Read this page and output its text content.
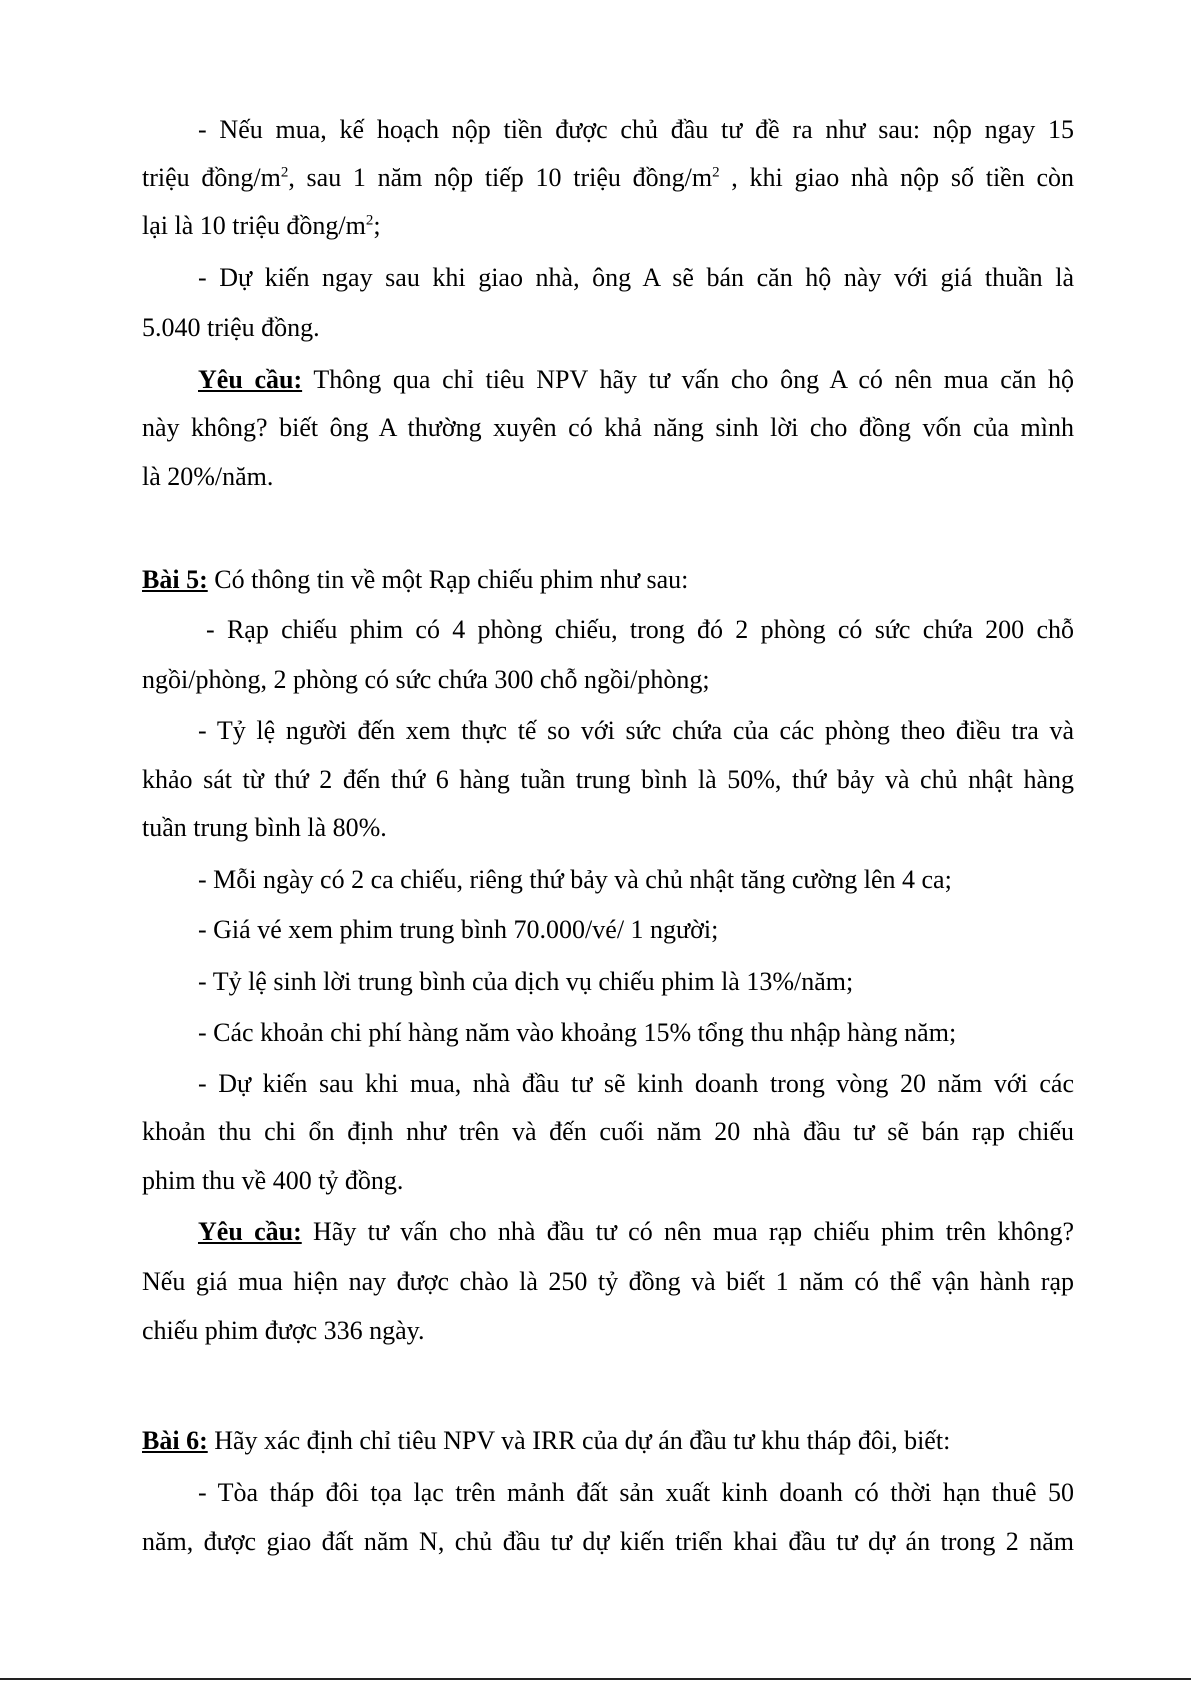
- Nếu mua, kế hoạch nộp tiền được chủ đầu tư đề ra như sau: nộp ngay 15
triệu đồng/$m^2$, sau 1 năm nộp tiếp 10 triệu đồng/$m^2$ , khi giao nhà nộp số tiền còn
lại là 10 triệu đồng/$m^2$;
- Dự kiến ngay sau khi giao nhà, ông A sẽ bán căn hộ này với giá thuần là
5.040 triệu đồng.
Yêu cầu: Thông qua chỉ tiêu NPV hãy tư vấn cho ông A có nên mua căn hộ
này không? biết ông A thường xuyên có khả năng sinh lời cho đồng vốn của mình
là 20%/năm.
Bài 5: Có thông tin về một Rạp chiếu phim như sau:
- Rạp chiếu phim có 4 phòng chiếu, trong đó 2 phòng có sức chứa 200 chỗ
ngồi/phòng, 2 phòng có sức chứa 300 chỗ ngồi/phòng;
- Tỷ lệ người đến xem thực tế so với sức chứa của các phòng theo điều tra và
khảo sát từ thứ 2 đến thứ 6 hàng tuần trung bình là 50%, thứ bảy và chủ nhật hàng
tuần trung bình là 80%.
- Mỗi ngày có 2 ca chiếu, riêng thứ bảy và chủ nhật tăng cường lên 4 ca;
- Giá vé xem phim trung bình 70.000/vé/ 1 người;
- Tỷ lệ sinh lời trung bình của dịch vụ chiếu phim là 13%/năm;
- Các khoản chi phí hàng năm vào khoảng 15% tổng thu nhập hàng năm;
- Dự kiến sau khi mua, nhà đầu tư sẽ kinh doanh trong vòng 20 năm với các
khoản thu chi ổn định như trên và đến cuối năm 20 nhà đầu tư sẽ bán rạp chiếu
phim thu về 400 tỷ đồng.
Yêu cầu: Hãy tư vấn cho nhà đầu tư có nên mua rạp chiếu phim trên không?
Nếu giá mua hiện nay được chào là 250 tỷ đồng và biết 1 năm có thể vận hành rạp
chiếu phim được 336 ngày.
Bài 6: Hãy xác định chỉ tiêu NPV và IRR của dự án đầu tư khu tháp đôi, biết:
- Tòa tháp đôi tọa lạc trên mảnh đất sản xuất kinh doanh có thời hạn thuê 50
năm, được giao đất năm N, chủ đầu tư dự kiến triển khai đầu tư dự án trong 2 năm
